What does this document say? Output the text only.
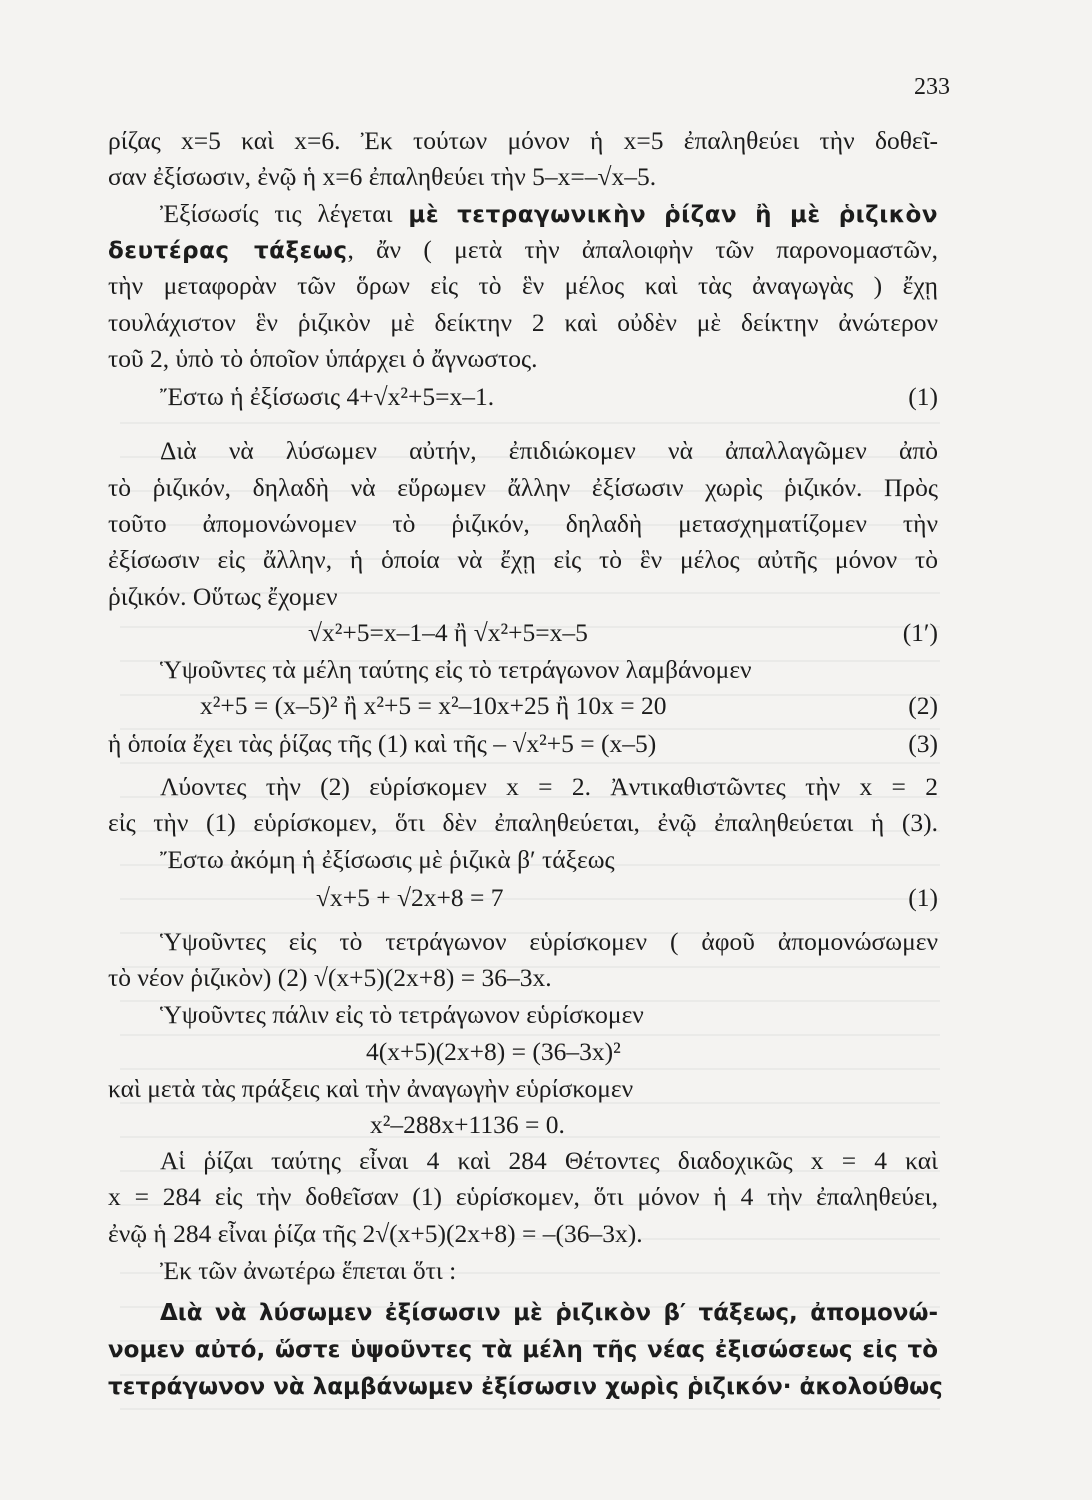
233
ρίζας x=5 καὶ x=6. Ἐκ τούτων μόνον ἡ x=5 ἐπαληθεύει τὴν δοθεῖ-
σαν ἐξίσωσιν, ἐνῷ ἡ x=6 ἐπαληθεύει τὴν 5–x=–√x–5.
Ἐξίσωσίς τις λέγεται μὲ τετραγωνικὴν ῥίζαν ἢ μὲ ῥιζικὸν
δευτέρας τάξεως, ἄν ( μετὰ τὴν ἀπαλοιφὴν τῶν παρονομαστῶν,
τὴν μεταφορὰν τῶν ὅρων εἰς τὸ ἓν μέλος καὶ τὰς ἀναγωγὰς ) ἔχῃ
τουλάχιστον ἓν ῥιζικὸν μὲ δείκτην 2 καὶ οὐδὲν μὲ δείκτην ἀνώτερον
τοῦ 2, ὑπὸ τὸ ὁποῖον ὑπάρχει ὁ ἄγνωστος.
Ἔστω ἡ ἐξίσωσις 4+√x²+5=x–1.	(1)
Διὰ νὰ λύσωμεν αὐτήν, ἐπιδιώκομεν νὰ ἀπαλλαγῶμεν ἀπὸ
τὸ ῥιζικόν, δηλαδὴ νὰ εὕρωμεν ἄλλην ἐξίσωσιν χωρὶς ῥιζικόν. Πρὸς
τοῦτο ἀπομονώνομεν τὸ ῥιζικόν, δηλαδὴ μετασχηματίζομεν τὴν
ἐξίσωσιν εἰς ἄλλην, ἡ ὁποία νὰ ἔχῃ εἰς τὸ ἓν μέλος αὐτῆς μόνον τὸ
ῥιζικόν. Οὕτως ἔχομεν
√x²+5=x–1–4 ἢ √x²+5=x–5	(1′)
Ὑψοῦντες τὰ μέλη ταύτης εἰς τὸ τετράγωνον λαμβάνομεν
x²+5 = (x–5)² ἢ x²+5 = x²–10x+25 ἢ 10x = 20	(2)
ἡ ὁποία ἔχει τὰς ῥίζας τῆς (1) καὶ τῆς – √x²+5 = (x–5)	(3)
Λύοντες τὴν (2) εὑρίσκομεν x = 2. Ἀντικαθιστῶντες τὴν x = 2
εἰς τὴν (1) εὑρίσκομεν, ὅτι δὲν ἐπαληθεύεται, ἐνῷ ἐπαληθεύεται ἡ (3).
Ἔστω ἀκόμη ἡ ἐξίσωσις μὲ ῥιζικὰ β′ τάξεως
√x+5 + √2x+8 = 7	(1)
Ὑψοῦντες εἰς τὸ τετράγωνον εὑρίσκομεν ( ἀφοῦ ἀπομονώσωμεν
τὸ νέον ῥιζικὸν) (2) √(x+5)(2x+8) = 36–3x.
Ὑψοῦντες πάλιν εἰς τὸ τετράγωνον εὑρίσκομεν
4(x+5)(2x+8) = (36–3x)²
καὶ μετὰ τὰς πράξεις καὶ τὴν ἀναγωγὴν εὑρίσκομεν
x²–288x+1136 = 0.
Αἱ ῥίζαι ταύτης εἶναι 4 καὶ 284 Θέτοντες διαδοχικῶς x = 4 καὶ
x = 284 εἰς τὴν δοθεῖσαν (1) εὑρίσκομεν, ὅτι μόνον ἡ 4 τὴν ἐπαληθεύει,
ἐνῷ ἡ 284 εἶναι ῥίζα τῆς 2√(x+5)(2x+8) = –(36–3x).
Ἐκ τῶν ἀνωτέρω ἕπεται ὅτι :
Διὰ νὰ λύσωμεν ἐξίσωσιν μὲ ῥιζικὸν β′ τάξεως, ἀπομονώ-
νομεν αὐτό, ὥστε ὑψοῦντες τὰ μέλη τῆς νέας ἐξισώσεως εἰς τὸ
τετράγωνον νὰ λαμβάνωμεν ἐξίσωσιν χωρὶς ῥιζικόν· ἀκολούθως
